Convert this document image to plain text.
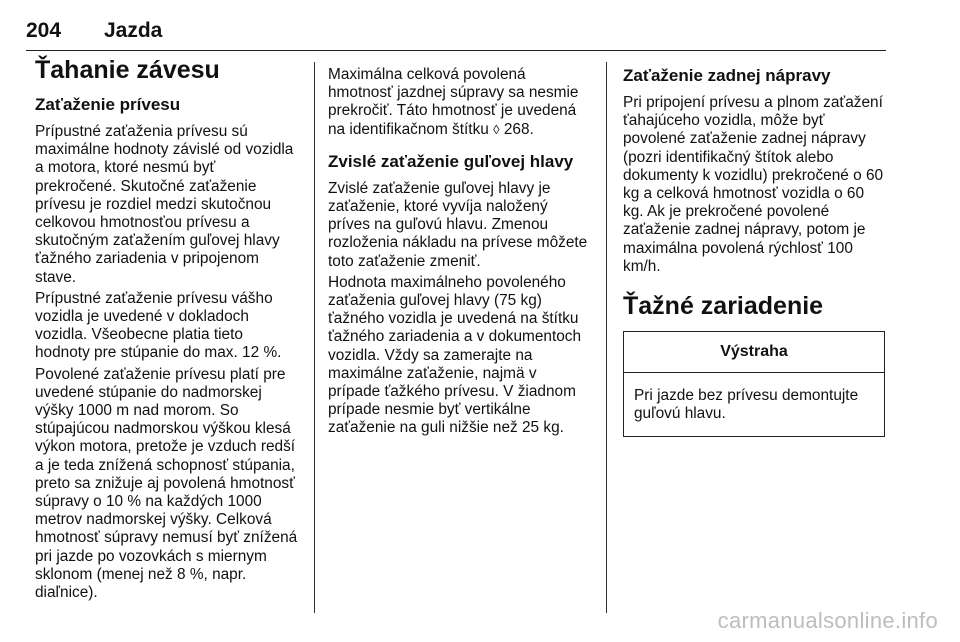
204 Jazda
Ťahanie závesu
Zaťaženie prívesu

Prípustné zaťaženia prívesu sú maximálne hodnoty závislé od vozidla a motora, ktoré nesmú byť prekročené. Skutočné zaťaženie prívesu je rozdiel medzi skutočnou celkovou hmotnosťou prívesu a skutočným zaťažením guľovej hlavy ťažného zariadenia v pripojenom stave.

Prípustné zaťaženie prívesu vášho vozidla je uvedené v dokladoch vozidla. Všeobecne platia tieto hodnoty pre stúpanie do max. 12 %.

Povolené zaťaženie prívesu platí pre uvedené stúpanie do nadmorskej výšky 1000 m nad morom. So stúpajúcou nadmorskou výškou klesá výkon motora, pretože je vzduch redší a je teda znížená schopnosť stúpania, preto sa znižuje aj povolená hmotnosť súpravy o 10 % na každých 1000 metrov nadmorskej výšky. Celková hmotnosť súpravy nemusí byť znížená pri jazde po vozovkách s miernym sklonom (menej než 8 %, napr. diaľnice).

Maximálna celková povolená hmotnosť jazdnej súpravy sa nesmie prekročiť. Táto hmotnosť je uvedená na identifikačnom štítku ◊ 268.

Zvislé zaťaženie guľovej hlavy

Zvislé zaťaženie guľovej hlavy je zaťaženie, ktoré vyvíja naložený príves na guľovú hlavu. Zmenou rozloženia nákladu na prívese môžete toto zaťaženie zmeniť.

Hodnota maximálneho povoleného zaťaženia guľovej hlavy (75 kg) ťažného vozidla je uvedená na štítku ťažného zariadenia a v dokumentoch vozidla. Vždy sa zamerajte na maximálne zaťaženie, najmä v prípade ťažkého prívesu. V žiadnom prípade nesmie byť vertikálne zaťaženie na guli nižšie než 25 kg.

Zaťaženie zadnej nápravy

Pri pripojení prívesu a plnom zaťažení ťahajúceho vozidla, môže byť povolené zaťaženie zadnej nápravy (pozri identifikačný štítok alebo dokumenty k vozidlu) prekročené o 60 kg a celková hmotnosť vozidla o 60 kg. Ak je prekročené povolené zaťaženie zadnej nápravy, potom je maximálna povolená rýchlosť 100 km/h.

Ťažné zariadenie
Výstraha
Pri jazde bez prívesu demontujte guľovú hlavu.
carmanualsonline.info
